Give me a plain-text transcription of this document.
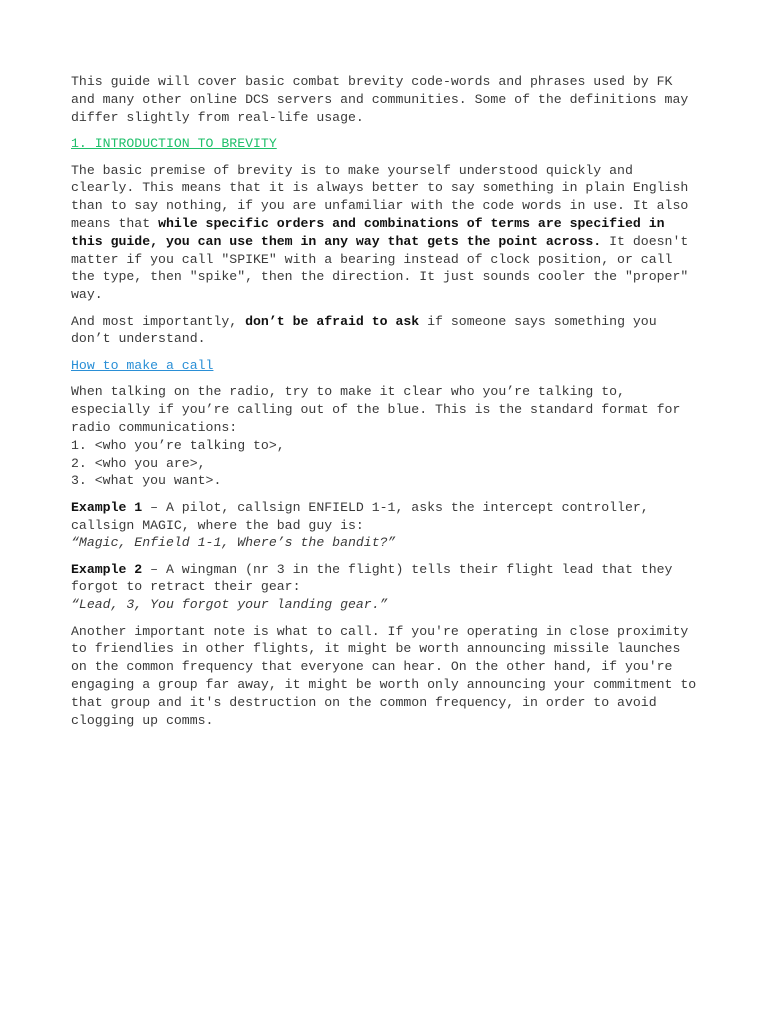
This guide will cover basic combat brevity code-words and phrases used by FK and many other online DCS servers and communities. Some of the definitions may differ slightly from real-life usage.

1. INTRODUCTION TO BREVITY

The basic premise of brevity is to make yourself understood quickly and clearly. This means that it is always better to say something in plain English than to say nothing, if you are unfamiliar with the code words in use. It also means that while specific orders and combinations of terms are specified in this guide, you can use them in any way that gets the point across. It doesn't matter if you call "SPIKE" with a bearing instead of clock position, or call the type, then "spike", then the direction. It just sounds cooler the "proper" way.

And most importantly, don’t be afraid to ask if someone says something you don’t understand.

How to make a call

When talking on the radio, try to make it clear who you’re talking to, especially if you’re calling out of the blue. This is the standard format for radio communications:
1. <who you’re talking to>,
2. <who you are>,
3. <what you want>.

Example 1 – A pilot, callsign ENFIELD 1-1, asks the intercept controller, callsign MAGIC, where the bad guy is:
“Magic, Enfield 1-1, Where’s the bandit?”

Example 2 – A wingman (nr 3 in the flight) tells their flight lead that they forgot to retract their gear:
“Lead, 3, You forgot your landing gear.”

Another important note is what to call. If you're operating in close proximity to friendlies in other flights, it might be worth announcing missile launches on the common frequency that everyone can hear. On the other hand, if you're engaging a group far away, it might be worth only announcing your commitment to that group and it's destruction on the common frequency, in order to avoid clogging up comms.
